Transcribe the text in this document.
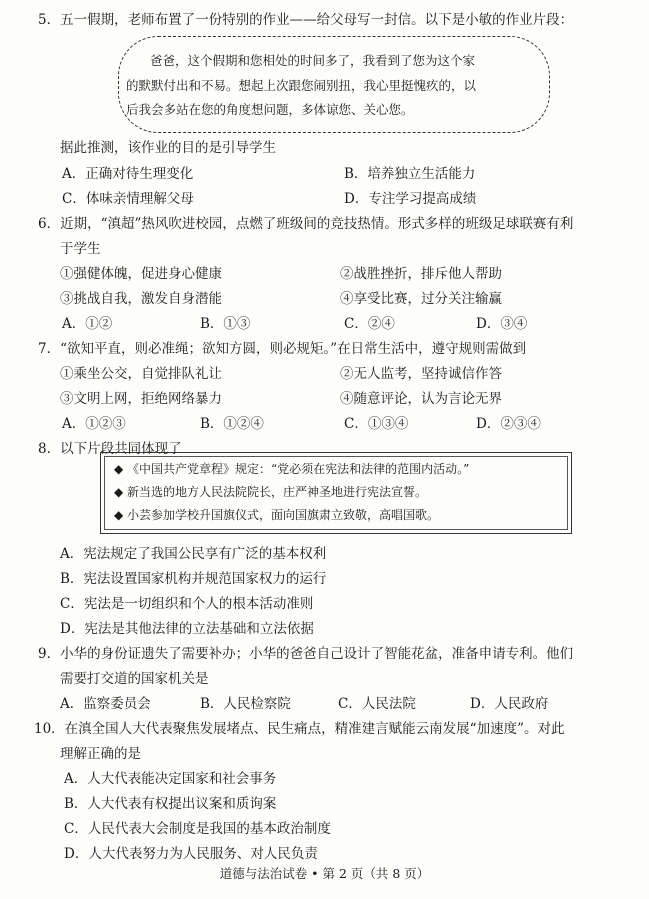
5．五一假期，老师布置了一份特别的作业——给父母写一封信。以下是小敏的作业片段：
爸爸，这个假期和您相处的时间多了，我看到了您为这个家
的默默付出和不易。想起上次跟您闹别扭，我心里挺愧疚的，以
后我会多站在您的角度想问题，多体谅您、关心您。
据此推测，该作业的目的是引导学生
A．正确对待生理变化	B．培养独立生活能力
C．体味亲情理解父母	D．专注学习提高成绩
6．近期，“滇超”热风吹进校园，点燃了班级间的竞技热情。形式多样的班级足球联赛有利
于学生
①强健体魄，促进身心健康	②战胜挫折，排斥他人帮助
③挑战自我，激发自身潜能	④享受比赛，过分关注输赢
A．①②	B．①③	C．②④	D．③④
7．“欲知平直，则必准绳；欲知方圆，则必规矩。”在日常生活中，遵守规则需做到
①乘坐公交，自觉排队礼让	②无人监考，坚持诚信作答
③文明上网，拒绝网络暴力	④随意评论，认为言论无界
A．①②③	B．①②④	C．①③④	D．②③④
8．以下片段共同体现了
◆ 《中国共产党章程》规定：“党必须在宪法和法律的范围内活动。”
◆ 新当选的地方人民法院院长，庄严神圣地进行宪法宣誓。
◆ 小芸参加学校升国旗仪式，面向国旗肃立致敬，高唱国歌。
A．宪法规定了我国公民享有广泛的基本权利
B．宪法设置国家机构并规范国家权力的运行
C．宪法是一切组织和个人的根本活动准则
D．宪法是其他法律的立法基础和立法依据
9．小华的身份证遗失了需要补办；小华的爸爸自己设计了智能花盆，准备申请专利。他们
需要打交道的国家机关是
A．监察委员会	B．人民检察院	C．人民法院	D．人民政府
10．在滇全国人大代表聚焦发展堵点、民生痛点，精准建言赋能云南发展“加速度”。对此
理解正确的是
A．人大代表能决定国家和社会事务
B．人大代表有权提出议案和质询案
C．人民代表大会制度是我国的基本政治制度
D．人大代表努力为人民服务、对人民负责
道德与法治试卷 • 第 2 页（共 8 页）
